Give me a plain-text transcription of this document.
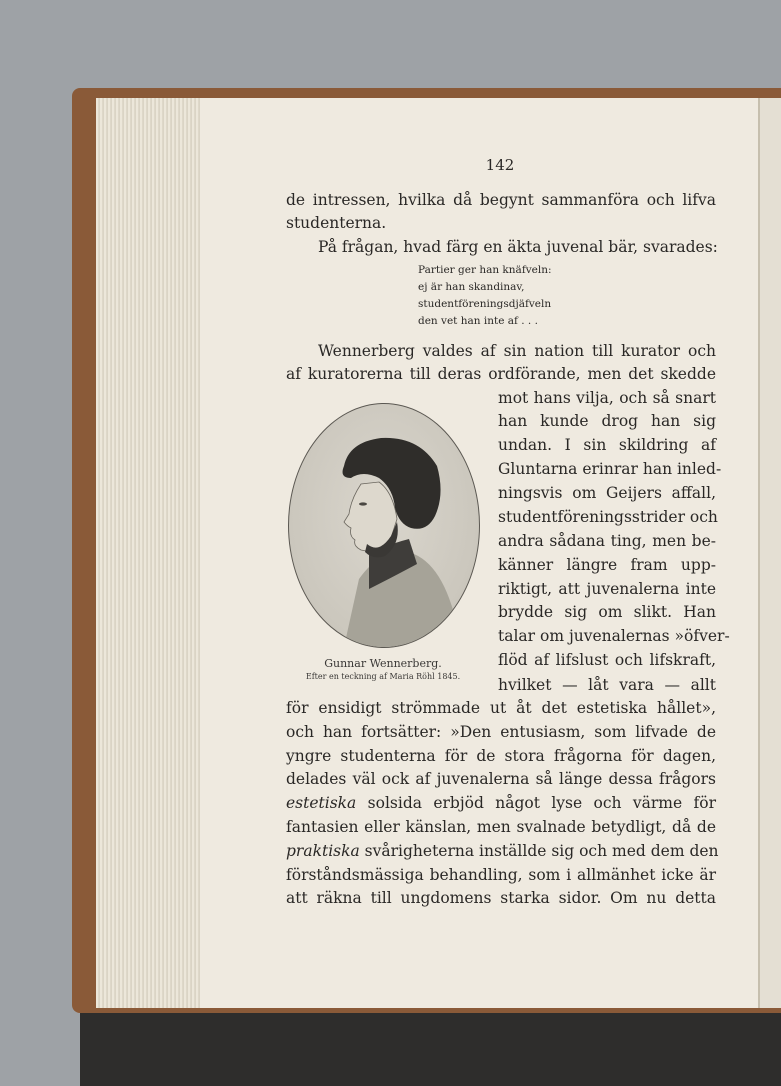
142
de intressen, hvilka då begynt sammanföra och lifva
studenterna.
På frågan, hvad färg en äkta juvenal bär, svarades:
Partier ger han knäfveln:
ej är han skandinav,
studentföreningsdjäfveln
den vet han inte af . . .
Wennerberg valdes af sin nation till kurator och
af kuratorerna till deras ordförande, men det skedde
mot hans vilja, och så snart
han kunde drog han sig
undan. I sin skildring af
Gluntarna erinrar han inled-
ningsvis om Geijers affall,
studentföreningsstrider och
andra sådana ting, men be-
känner längre fram upp-
riktigt, att juvenalerna inte
brydde sig om slikt. Han
talar om juvenalernas »öfver-
flöd af lifslust och lifskraft,
hvilket — låt vara — allt
Gunnar Wennerberg.
Efter en teckning af Maria Röhl 1845.
för ensidigt strömmade ut åt det estetiska hållet»,
och han fortsätter: »Den entusiasm, som lifvade de
yngre studenterna för de stora frågorna för dagen,
delades väl ock af juvenalerna så länge dessa frågors
estetiska solsida erbjöd något lyse och värme för
fantasien eller känslan, men svalnade betydligt, då de
praktiska svårigheterna inställde sig och med dem den
förståndsmässiga behandling, som i allmänhet icke är
att räkna till ungdomens starka sidor. Om nu detta
